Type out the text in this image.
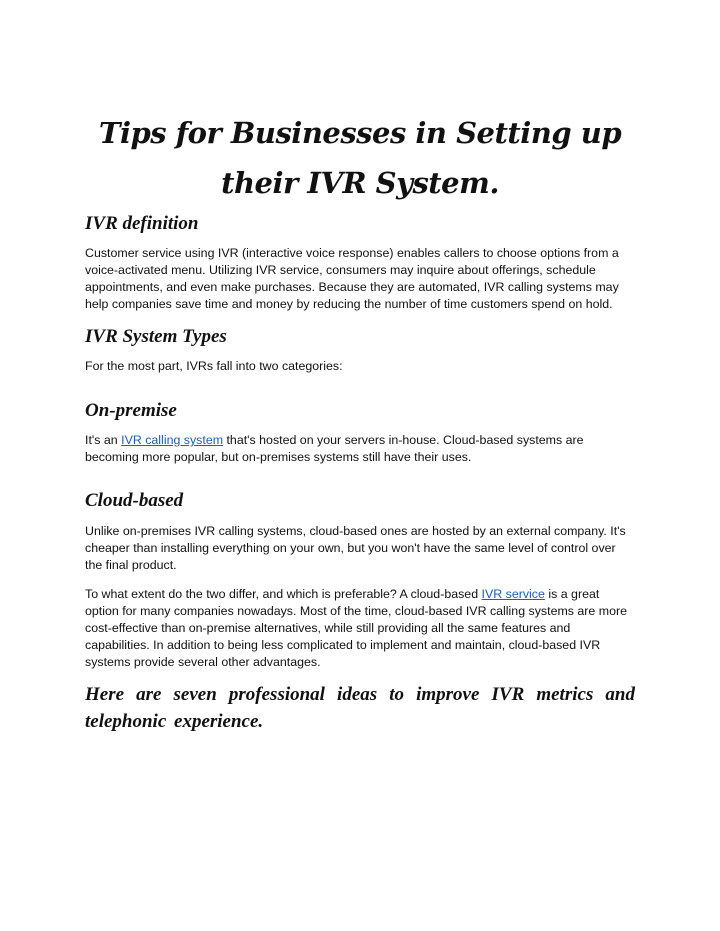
Tips for Businesses in Setting up their IVR System.
IVR definition

Customer service using IVR (interactive voice response) enables callers to choose options from a voice-activated menu. Utilizing IVR service, consumers may inquire about offerings, schedule appointments, and even make purchases. Because they are automated, IVR calling systems may help companies save time and money by reducing the number of time customers spend on hold.

IVR System Types

For the most part, IVRs fall into two categories:

On-premise

It's an IVR calling system that's hosted on your servers in-house. Cloud-based systems are becoming more popular, but on-premises systems still have their uses.

Cloud-based

Unlike on-premises IVR calling systems, cloud-based ones are hosted by an external company. It's cheaper than installing everything on your own, but you won't have the same level of control over the final product.

To what extent do the two differ, and which is preferable? A cloud-based IVR service is a great option for many companies nowadays. Most of the time, cloud-based IVR calling systems are more cost-effective than on-premise alternatives, while still providing all the same features and capabilities. In addition to being less complicated to implement and maintain, cloud-based IVR systems provide several other advantages.

Here are seven professional ideas to improve IVR metrics and telephonic experience.
